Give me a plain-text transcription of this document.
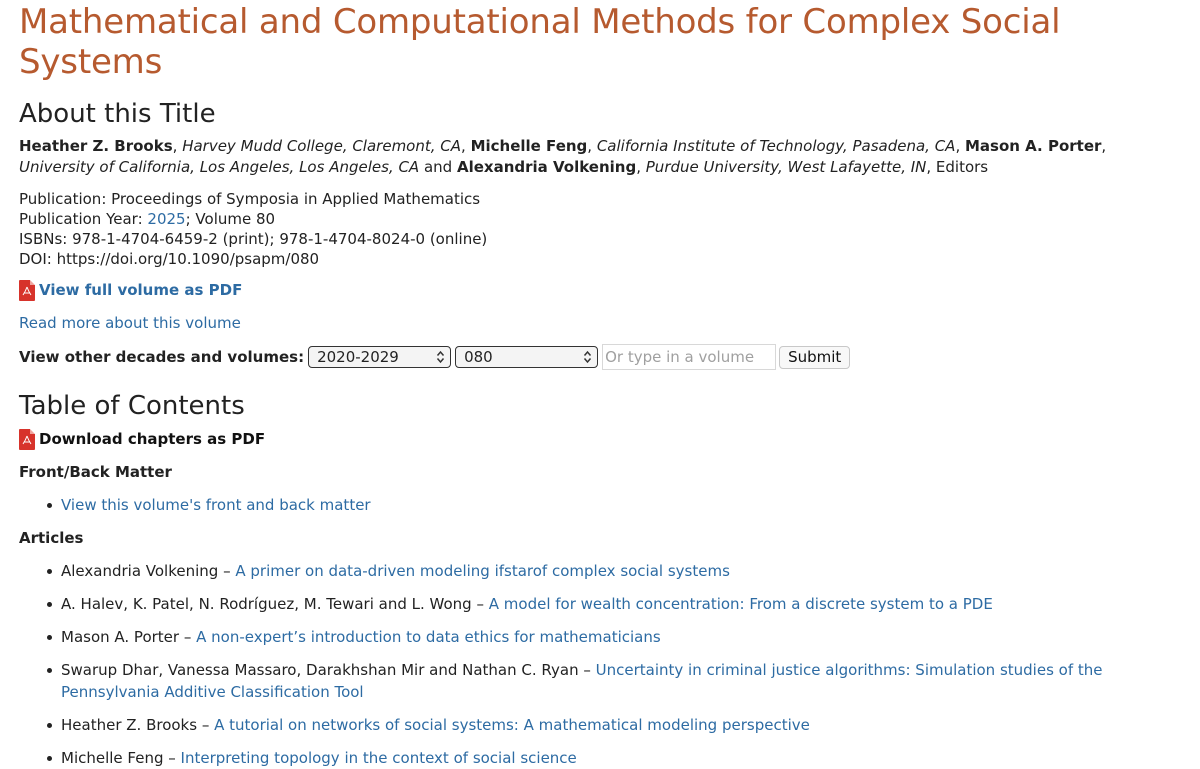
Mathematical and Computational Methods for Complex Social Systems
About this Title
Heather Z. Brooks, Harvey Mudd College, Claremont, CA, Michelle Feng, California Institute of Technology, Pasadena, CA, Mason A. Porter, University of California, Los Angeles, Los Angeles, CA and Alexandria Volkening, Purdue University, West Lafayette, IN, Editors
Publication: Proceedings of Symposia in Applied Mathematics
Publication Year: 2025; Volume 80
ISBNs: 978-1-4704-6459-2 (print); 978-1-4704-8024-0 (online)
DOI: https://doi.org/10.1090/psapm/080
View full volume as PDF
Read more about this volume
View other decades and volumes: 2020-2029	080
Or type in a volume	Submit
Table of Contents
Download chapters as PDF
Front/Back Matter
View this volume's front and back matter
Articles
Alexandria Volkening – A primer on data-driven modeling ifstarof complex social systems
A. Halev, K. Patel, N. Rodríguez, M. Tewari and L. Wong – A model for wealth concentration: From a discrete system to a PDE
Mason A. Porter – A non-expert’s introduction to data ethics for mathematicians
Swarup Dhar, Vanessa Massaro, Darakhshan Mir and Nathan C. Ryan – Uncertainty in criminal justice algorithms: Simulation studies of the Pennsylvania Additive Classification Tool
Heather Z. Brooks – A tutorial on networks of social systems: A mathematical modeling perspective
Michelle Feng – Interpreting topology in the context of social science
